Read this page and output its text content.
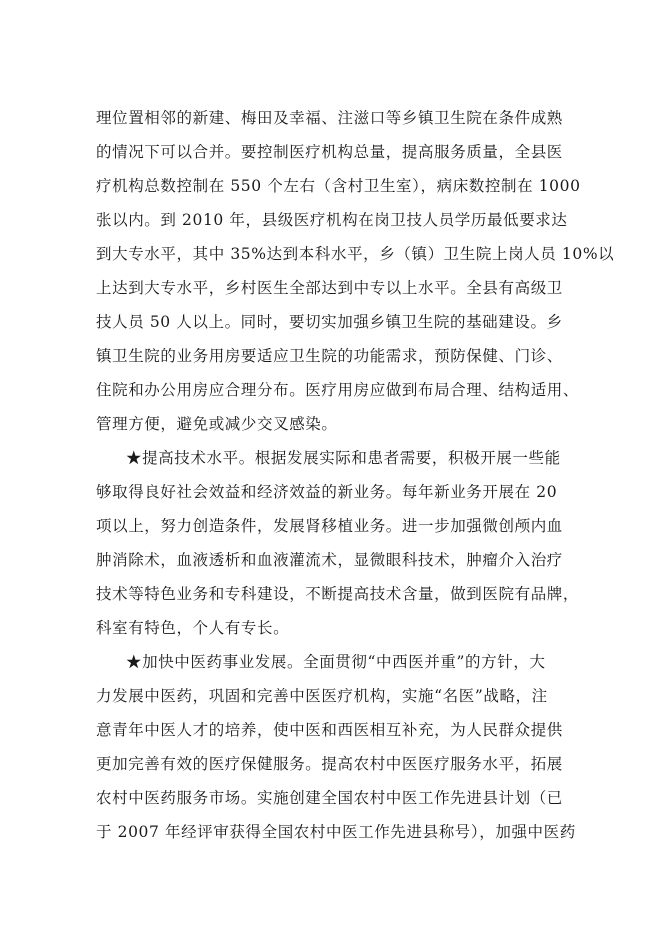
理位置相邻的新建、梅田及幸福、注滋口等乡镇卫生院在条件成熟
的情况下可以合并。要控制医疗机构总量，提高服务质量，全县医
疗机构总数控制在 550 个左右（含村卫生室），病床数控制在 1000
张以内。到 2010 年，县级医疗机构在岗卫技人员学历最低要求达
到大专水平，其中 35%达到本科水平，乡（镇）卫生院上岗人员 10%以
上达到大专水平，乡村医生全部达到中专以上水平。全县有高级卫
技人员 50 人以上。同时，要切实加强乡镇卫生院的基础建设。乡
镇卫生院的业务用房要适应卫生院的功能需求，预防保健、门诊、
住院和办公用房应合理分布。医疗用房应做到布局合理、结构适用、
管理方便，避免或减少交叉感染。
★提高技术水平。根据发展实际和患者需要，积极开展一些能
够取得良好社会效益和经济效益的新业务。每年新业务开展在 20
项以上，努力创造条件，发展肾移植业务。进一步加强微创颅内血
肿消除术，血液透析和血液灌流术，显微眼科技术，肿瘤介入治疗
技术等特色业务和专科建设，不断提高技术含量，做到医院有品牌，
科室有特色，个人有专长。
★加快中医药事业发展。全面贯彻“中西医并重”的方针，大
力发展中医药，巩固和完善中医医疗机构，实施“名医”战略，注
意青年中医人才的培养，使中医和西医相互补充，为人民群众提供
更加完善有效的医疗保健服务。提高农村中医医疗服务水平，拓展
农村中医药服务市场。实施创建全国农村中医工作先进县计划（已
于 2007 年经评审获得全国农村中医工作先进县称号），加强中医药
